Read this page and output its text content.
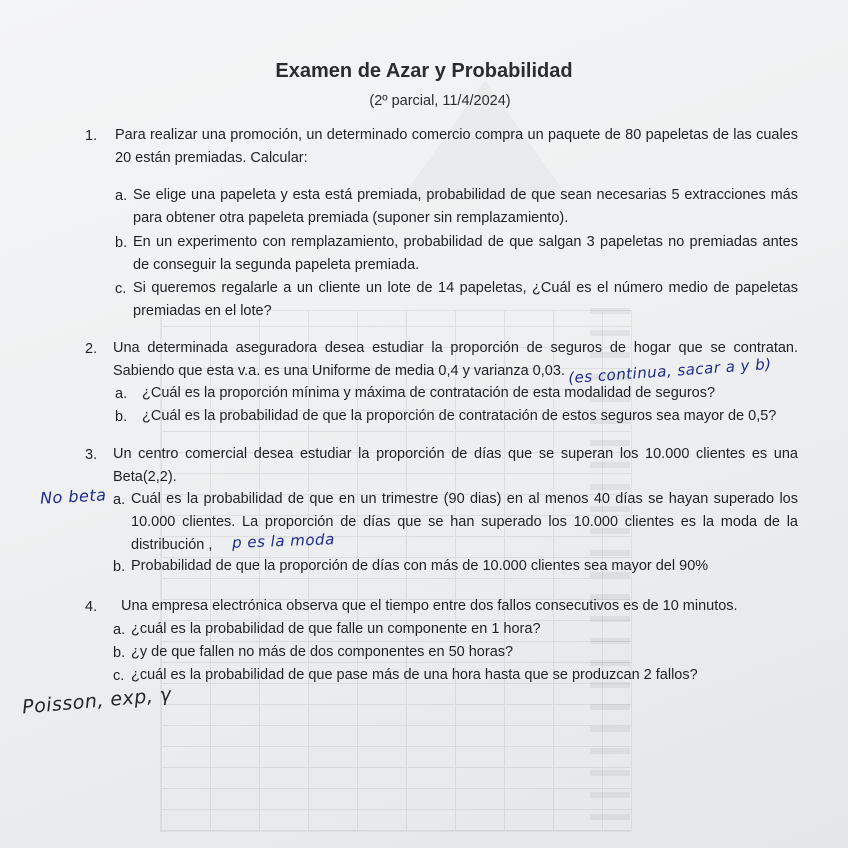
Examen de Azar y Probabilidad
(2º parcial, 11/4/2024)
1. Para realizar una promoción, un determinado comercio compra un paquete de 80 papeletas de las cuales 20 están premiadas. Calcular:
a. Se elige una papeleta y esta está premiada, probabilidad de que sean necesarias 5 extracciones más para obtener otra papeleta premiada (suponer sin remplazamiento).
b. En un experimento con remplazamiento, probabilidad de que salgan 3 papeletas no premiadas antes de conseguir la segunda papeleta premiada.
c. Si queremos regalarle a un cliente un lote de 14 papeletas, ¿Cuál es el número medio de papeletas premiadas en el lote?
2. Una determinada aseguradora desea estudiar la proporción de seguros de hogar que se contratan. Sabiendo que esta v.a. es una Uniforme de media 0,4 y varianza 0,03. (es continua, sacar a y b)
a. ¿Cuál es la proporción mínima y máxima de contratación de esta modalidad de seguros?
b. ¿Cuál es la probabilidad de que la proporción de contratación de estos seguros sea mayor de 0,5?
3. Un centro comercial desea estudiar la proporción de días que se superan los 10.000 clientes es una Beta(2,2).
No beta a. Cuál es la probabilidad de que en un trimestre (90 dias) en al menos 40 días se hayan superado los 10.000 clientes. La proporción de días que se han superado los 10.000 clientes es la moda de la distribución ,	p es la moda
b. Probabilidad de que la proporción de días con más de 10.000 clientes sea mayor del 90%
4. Una empresa electrónica observa que el tiempo entre dos fallos consecutivos es de 10 minutos.
a. ¿cuál es la probabilidad de que falle un componente en 1 hora?
b. ¿y de que fallen no más de dos componentes en 50 horas?
c. ¿cuál es la probabilidad de que pase más de una hora hasta que se produzcan 2 fallos?
Poisson, exp, γ
